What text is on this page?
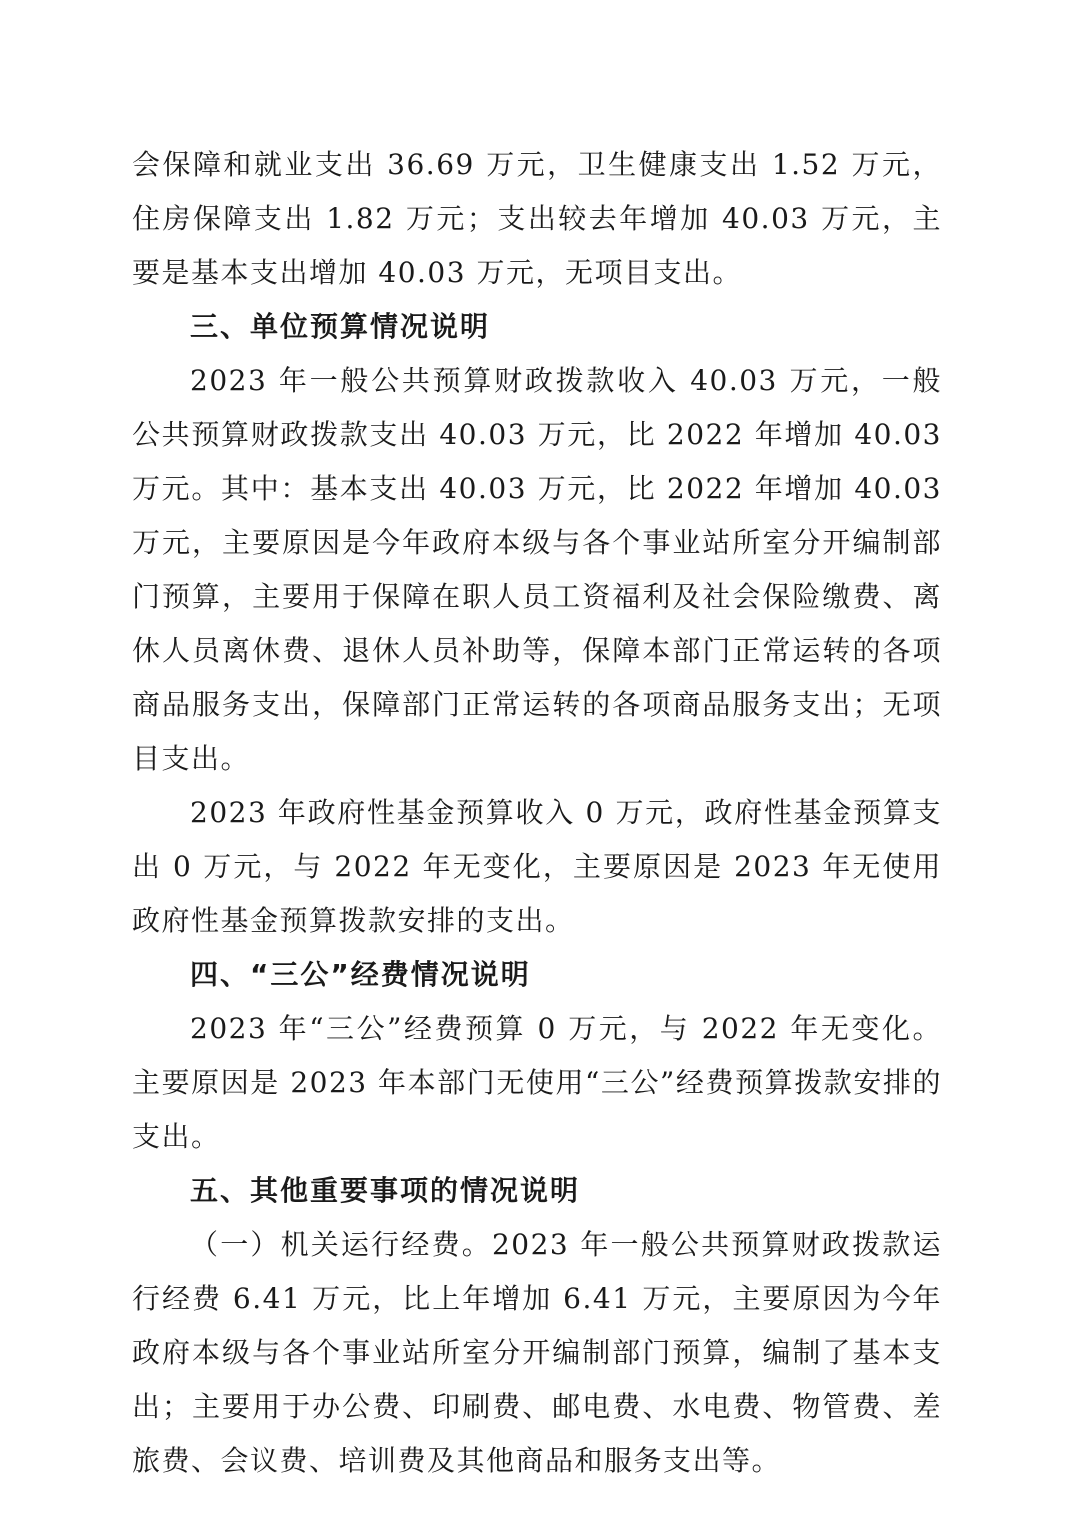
会保障和就业支出 36.69 万元，卫生健康支出 1.52 万元，住房保障支出 1.82 万元；支出较去年增加 40.03 万元，主要是基本支出增加 40.03 万元，无项目支出。

三、单位预算情况说明

2023 年一般公共预算财政拨款收入 40.03 万元，一般公共预算财政拨款支出 40.03 万元，比 2022 年增加 40.03 万元。其中：基本支出 40.03 万元，比 2022 年增加 40.03 万元，主要原因是今年政府本级与各个事业站所室分开编制部门预算，主要用于保障在职人员工资福利及社会保险缴费、离休人员离休费、退休人员补助等，保障本部门正常运转的各项商品服务支出，保障部门正常运转的各项商品服务支出；无项目支出。

2023 年政府性基金预算收入 0 万元，政府性基金预算支出 0 万元，与 2022 年无变化，主要原因是 2023 年无使用政府性基金预算拨款安排的支出。

四、“三公”经费情况说明

2023 年“三公”经费预算 0 万元，与 2022 年无变化。主要原因是 2023 年本部门无使用“三公”经费预算拨款安排的支出。

五、其他重要事项的情况说明

（一）机关运行经费。2023 年一般公共预算财政拨款运行经费 6.41 万元，比上年增加 6.41 万元，主要原因为今年政府本级与各个事业站所室分开编制部门预算，编制了基本支出；主要用于办公费、印刷费、邮电费、水电费、物管费、差旅费、会议费、培训费及其他商品和服务支出等。
